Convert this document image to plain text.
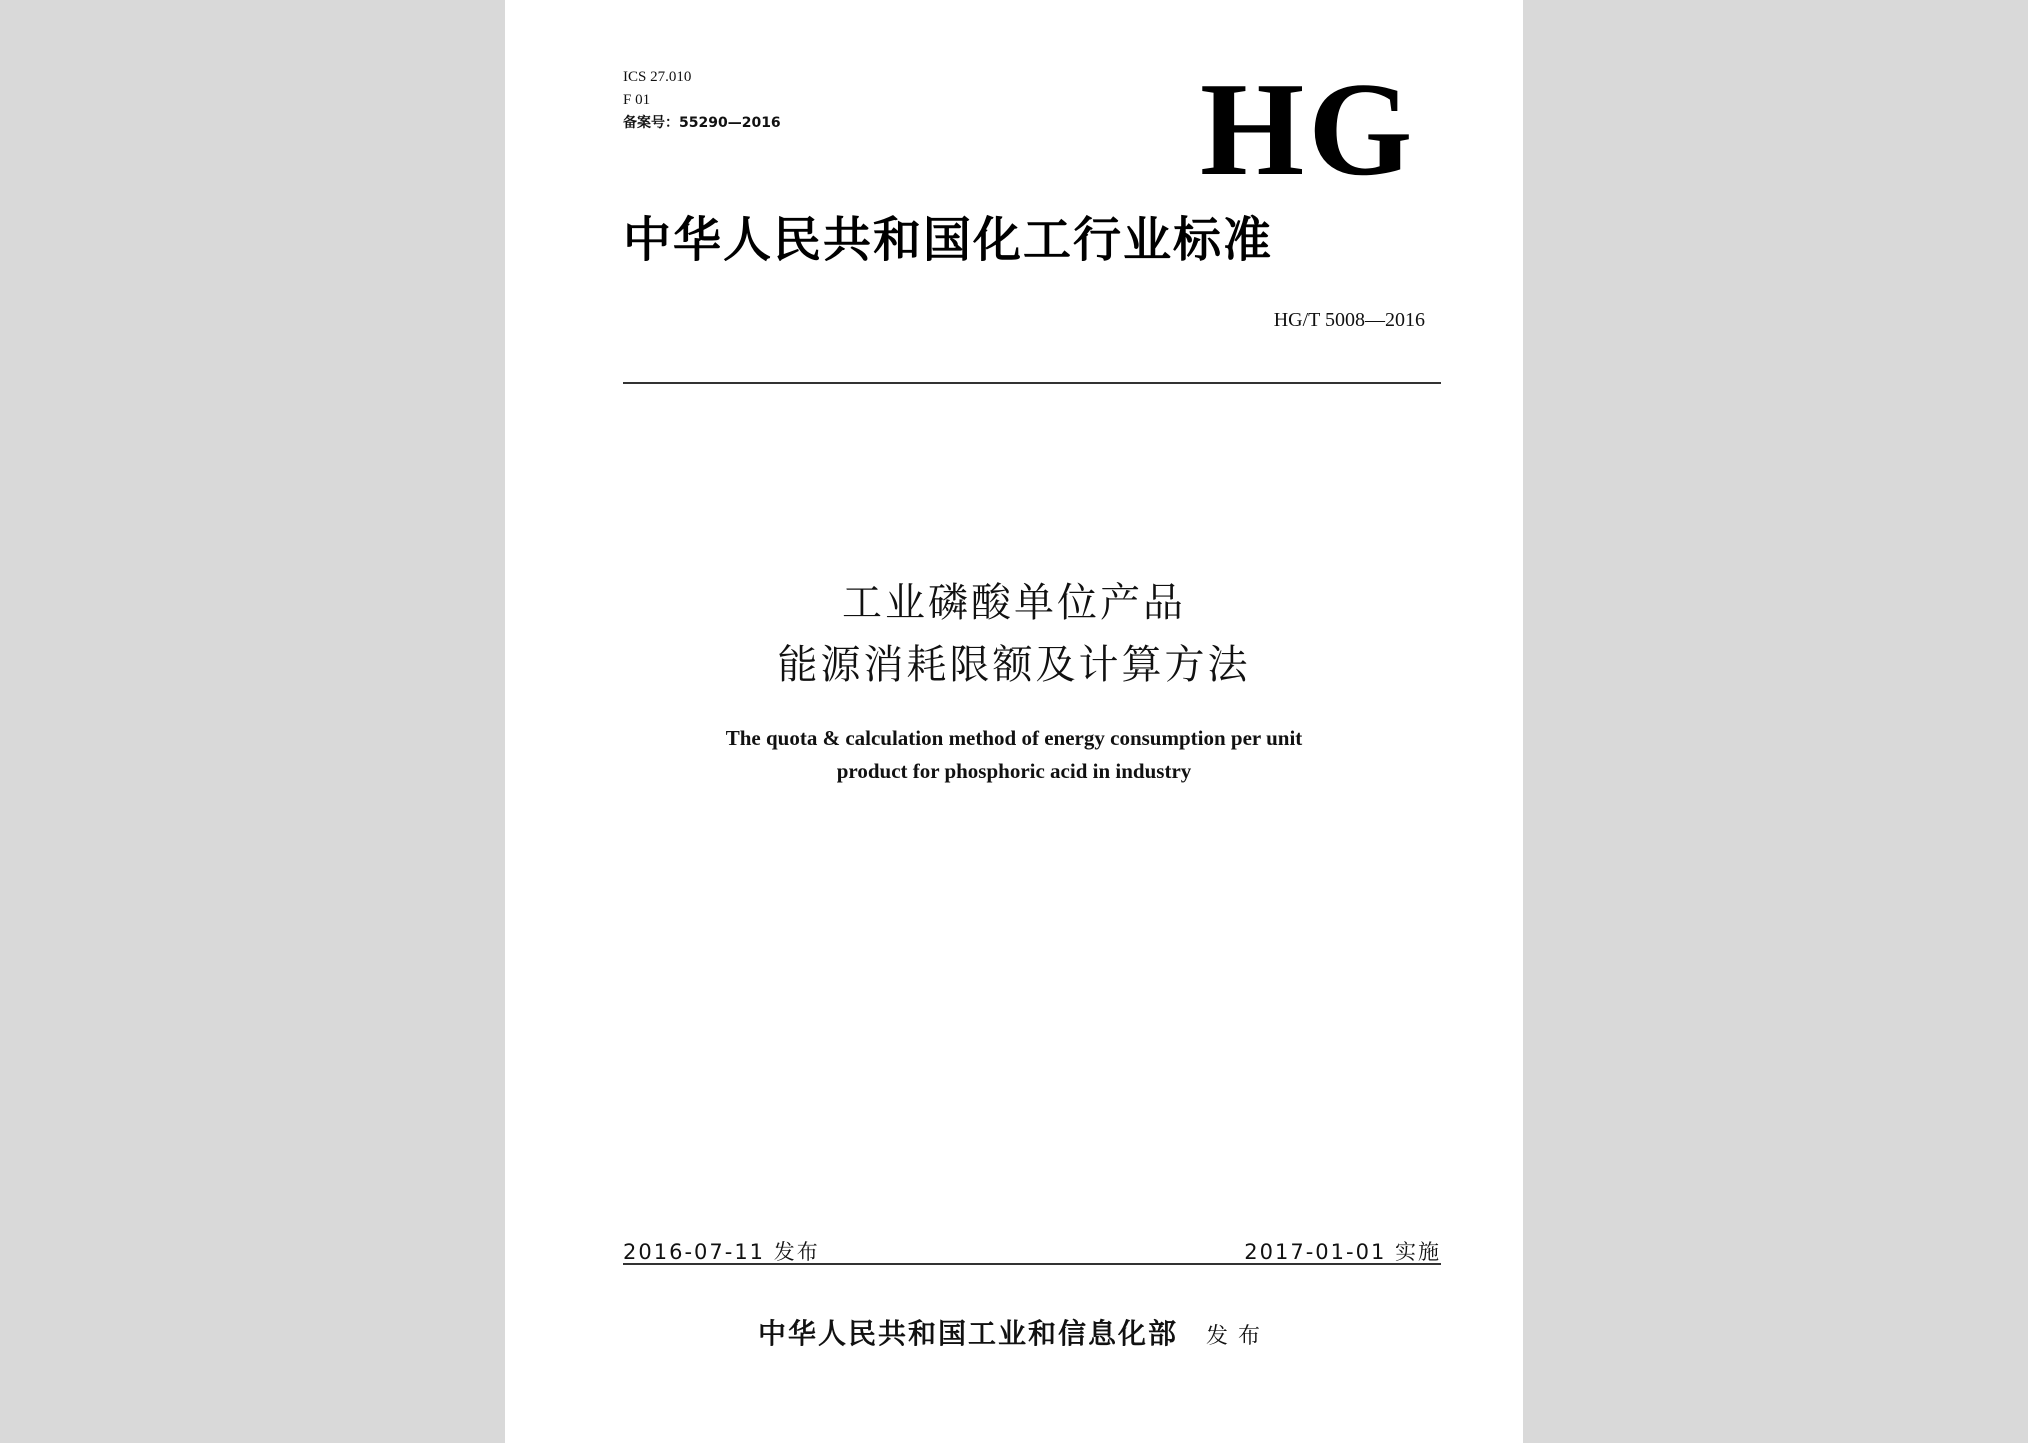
ICS 27.010
F 01
备案号：55290—2016	HG
中华人民共和国化工行业标准
HG/T 5008—2016
工业磷酸单位产品
能源消耗限额及计算方法
The quota & calculation method of energy consumption per unit
product for phosphoric acid in industry
2016-07-11 发布	2017-01-01 实施
中华人民共和国工业和信息化部 发布
